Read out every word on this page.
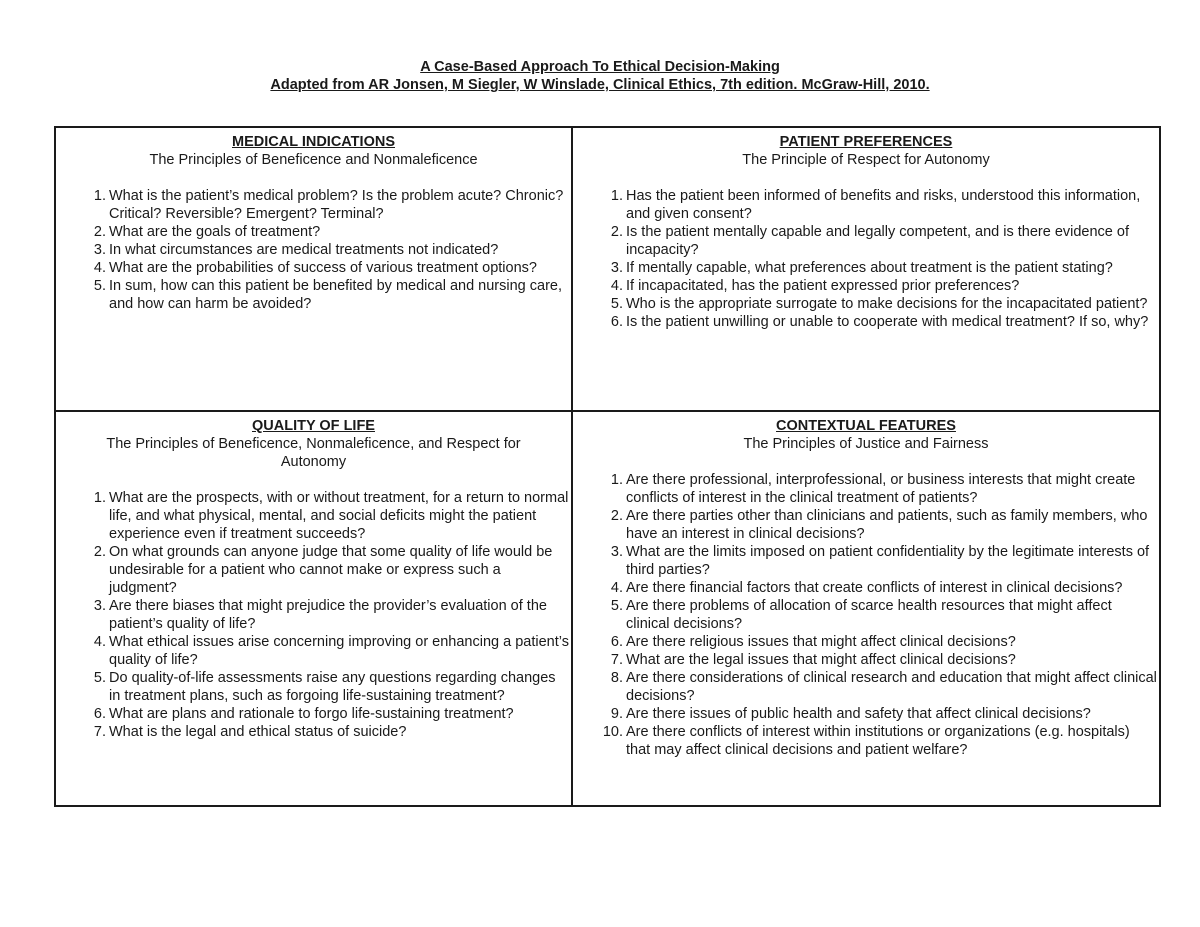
A Case-Based Approach To Ethical Decision-Making
Adapted from AR Jonsen, M Siegler, W Winslade, Clinical Ethics, 7th edition. McGraw-Hill, 2010.
MEDICAL INDICATIONS
The Principles of Beneficence and Nonmaleficence
1. What is the patient’s medical problem? Is the problem acute? Chronic? Critical? Reversible? Emergent? Terminal?
2. What are the goals of treatment?
3. In what circumstances are medical treatments not indicated?
4. What are the probabilities of success of various treatment options?
5. In sum, how can this patient be benefited by medical and nursing care, and how can harm be avoided?
PATIENT PREFERENCES
The Principle of Respect for Autonomy
1. Has the patient been informed of benefits and risks, understood this information, and given consent?
2. Is the patient mentally capable and legally competent, and is there evidence of incapacity?
3. If mentally capable, what preferences about treatment is the patient stating?
4. If incapacitated, has the patient expressed prior preferences?
5. Who is the appropriate surrogate to make decisions for the incapacitated patient?
6. Is the patient unwilling or unable to cooperate with medical treatment? If so, why?
QUALITY OF LIFE
The Principles of Beneficence, Nonmaleficence, and Respect for Autonomy
1. What are the prospects, with or without treatment, for a return to normal life, and what physical, mental, and social deficits might the patient experience even if treatment succeeds?
2. On what grounds can anyone judge that some quality of life would be undesirable for a patient who cannot make or express such a judgment?
3. Are there biases that might prejudice the provider’s evaluation of the patient’s quality of life?
4. What ethical issues arise concerning improving or enhancing a patient’s quality of life?
5. Do quality-of-life assessments raise any questions regarding changes in treatment plans, such as forgoing life-sustaining treatment?
6. What are plans and rationale to forgo life-sustaining treatment?
7. What is the legal and ethical status of suicide?
CONTEXTUAL FEATURES
The Principles of Justice and Fairness
1. Are there professional, interprofessional, or business interests that might create conflicts of interest in the clinical treatment of patients?
2. Are there parties other than clinicians and patients, such as family members, who have an interest in clinical decisions?
3. What are the limits imposed on patient confidentiality by the legitimate interests of third parties?
4. Are there financial factors that create conflicts of interest in clinical decisions?
5. Are there problems of allocation of scarce health resources that might affect clinical decisions?
6. Are there religious issues that might affect clinical decisions?
7. What are the legal issues that might affect clinical decisions?
8. Are there considerations of clinical research and education that might affect clinical decisions?
9. Are there issues of public health and safety that affect clinical decisions?
10. Are there conflicts of interest within institutions or organizations (e.g. hospitals) that may affect clinical decisions and patient welfare?
